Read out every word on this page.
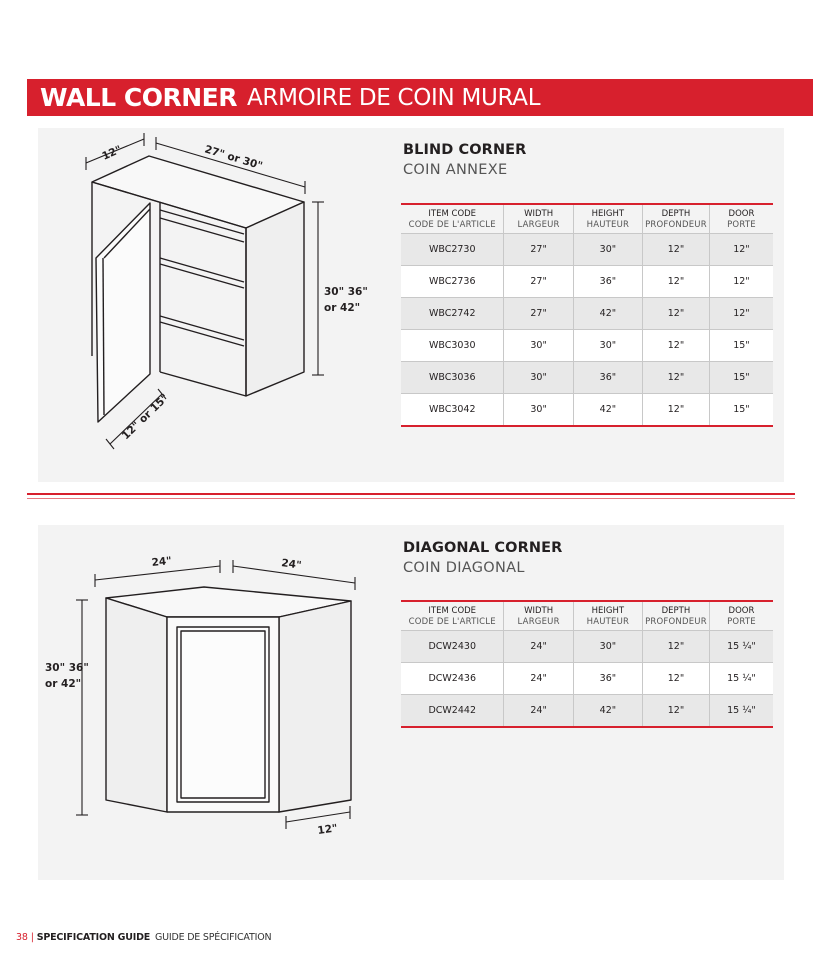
WALL CORNER ARMOIRE DE COIN MURAL
12"	27" or 30"
30" 36"
or 42"
12" or 15"
BLIND CORNER
COIN ANNEXE
ITEM CODE
CODE DE L'ARTICLE	WIDTH
LARGEUR	HEIGHT
HAUTEUR	DEPTH
PROFONDEUR	DOOR
PORTE

WBC2730	27"	30"	12"	12"
WBC2736	27"	36"	12"	12"
WBC2742	27"	42"	12"	12"
WBC3030	30"	30"	12"	15"
WBC3036	30"	36"	12"	15"
WBC3042	30"	42"	12"	15"
24"	24"
30" 36"
or 42"
12"
DIAGONAL CORNER
COIN DIAGONAL
ITEM CODE
CODE DE L'ARTICLE	WIDTH
LARGEUR	HEIGHT
HAUTEUR	DEPTH
PROFONDEUR	DOOR
PORTE

DCW2430	24"	30"	12"	15 ¼"
DCW2436	24"	36"	12"	15 ¼"
DCW2442	24"	42"	12"	15 ¼"
38 | SPECIFICATION GUIDE GUIDE DE SPÉCIFICATION
